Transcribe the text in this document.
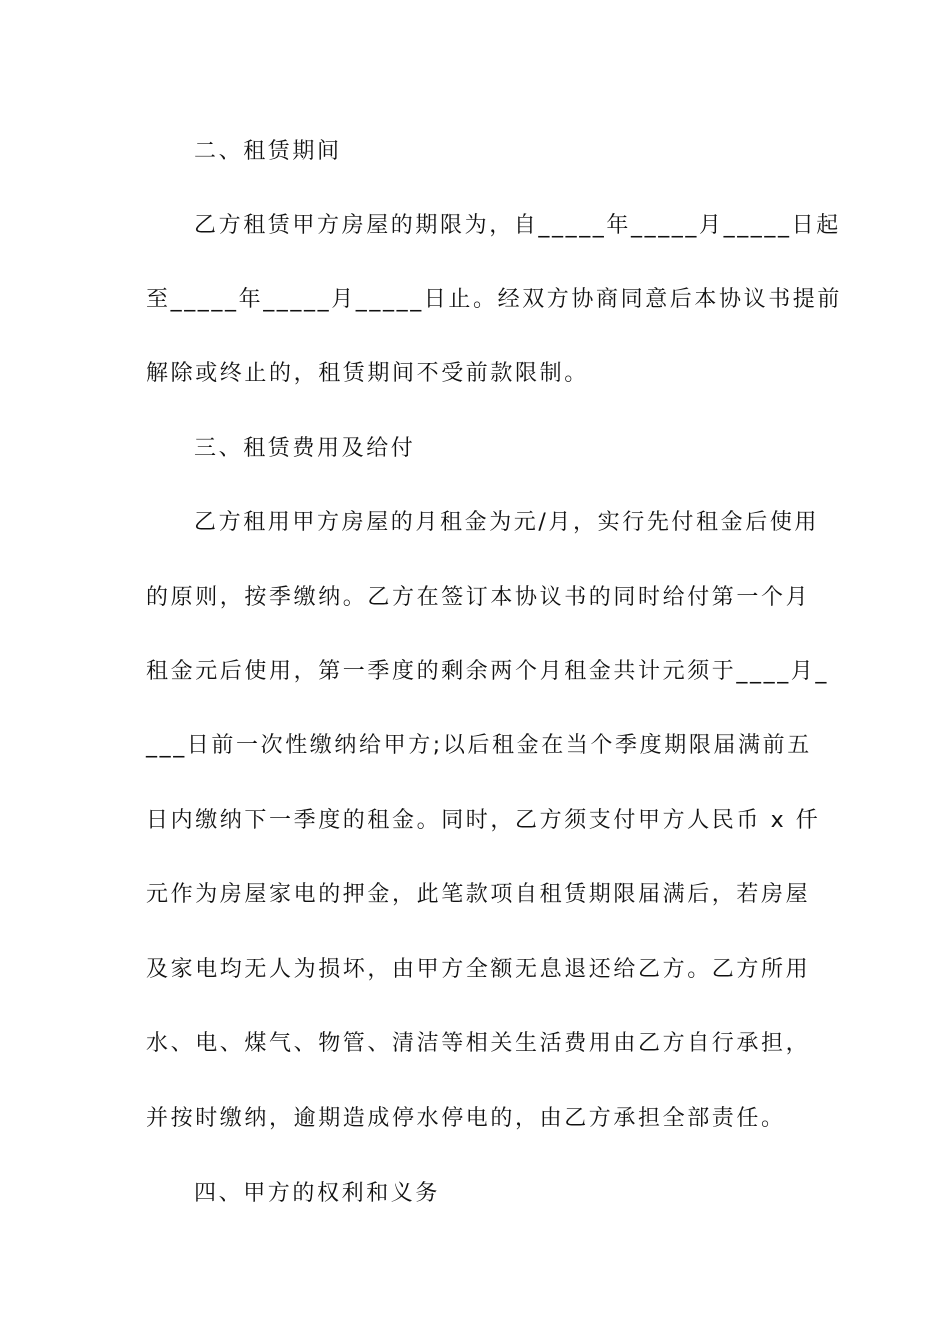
二、租赁期间
乙方租赁甲方房屋的期限为，自_____年_____月_____日起
至_____年_____月_____日止。经双方协商同意后本协议书提前
解除或终止的，租赁期间不受前款限制。
三、租赁费用及给付
乙方租用甲方房屋的月租金为元/月，实行先付租金后使用
的原则，按季缴纳。乙方在签订本协议书的同时给付第一个月
租金元后使用，第一季度的剩余两个月租金共计元须于____月_
___日前一次性缴纳给甲方;以后租金在当个季度期限届满前五
日内缴纳下一季度的租金。同时，乙方须支付甲方人民币 x 仟
元作为房屋家电的押金，此笔款项自租赁期限届满后，若房屋
及家电均无人为损坏，由甲方全额无息退还给乙方。乙方所用
水、电、煤气、物管、清洁等相关生活费用由乙方自行承担，
并按时缴纳，逾期造成停水停电的，由乙方承担全部责任。
四、甲方的权利和义务
